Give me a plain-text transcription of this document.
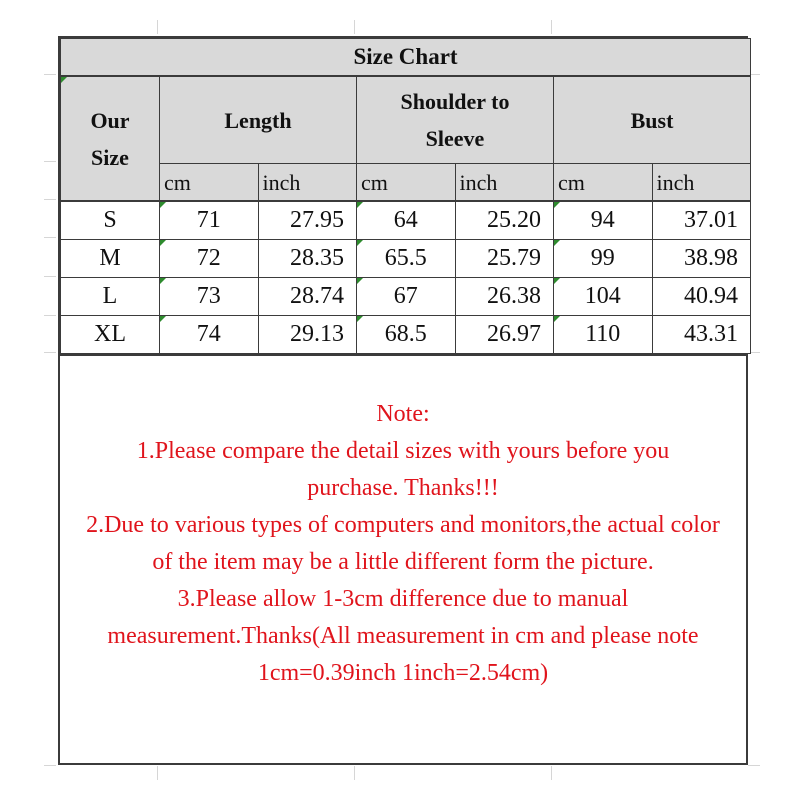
Size Chart						

Our Size	Length		Shoulder to Sleeve		Bust	

	cm	inch	cm	inch	cm	inch

S	71	27.95	64	25.20	94	37.01
M	72	28.35	65.5	25.79	99	38.98
L	73	28.74	67	26.38	104	40.94
XL	74	29.13	68.5	26.97	110	43.31

Note:

1.Please compare the detail sizes with yours before you purchase. Thanks!!!

2.Due to various types of computers and monitors,the actual color of the item may be a little different form the picture.

3.Please allow 1-3cm difference due to manual measurement.Thanks(All measurement in cm and please note 1cm=0.39inch 1inch=2.54cm)
